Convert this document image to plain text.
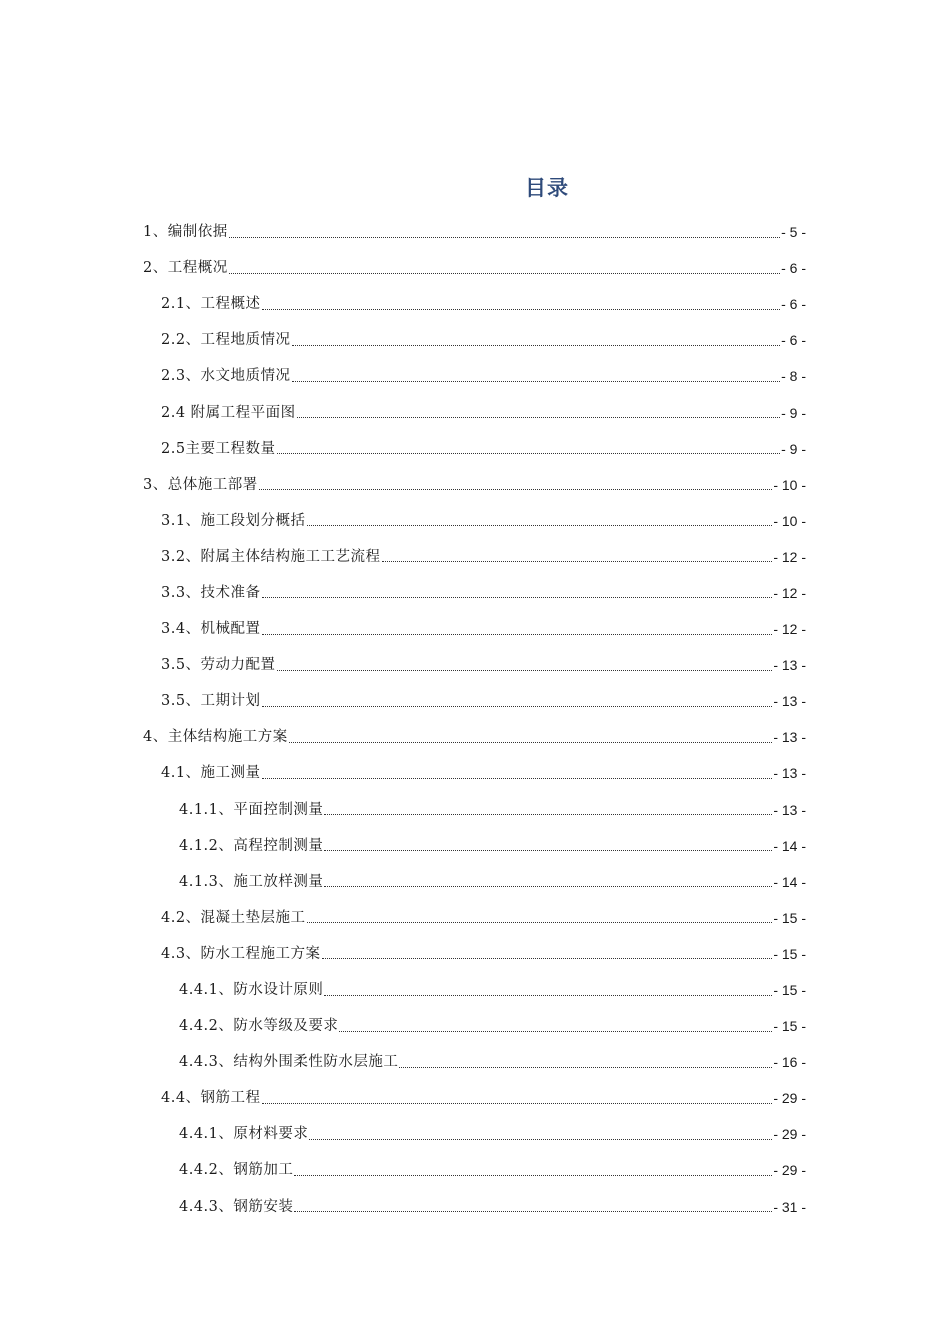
目录
1、编制依据	- 5 -
2、工程概况	- 6 -
2.1、工程概述	- 6 -
2.2、工程地质情况	- 6 -
2.3、水文地质情况	- 8 -
2.4 附属工程平面图	- 9 -
2.5主要工程数量	- 9 -
3、总体施工部署	- 10 -
3.1、施工段划分概括	- 10 -
3.2、附属主体结构施工工艺流程	- 12 -
3.3、技术准备	- 12 -
3.4、机械配置	- 12 -
3.5、劳动力配置	- 13 -
3.5、工期计划	- 13 -
4、主体结构施工方案	- 13 -
4.1、施工测量	- 13 -
4.1.1、平面控制测量	- 13 -
4.1.2、高程控制测量	- 14 -
4.1.3、施工放样测量	- 14 -
4.2、混凝土垫层施工	- 15 -
4.3、防水工程施工方案	- 15 -
4.4.1、防水设计原则	- 15 -
4.4.2、防水等级及要求	- 15 -
4.4.3、结构外围柔性防水层施工	- 16 -
4.4、钢筋工程	- 29 -
4.4.1、原材料要求	- 29 -
4.4.2、钢筋加工	- 29 -
4.4.3、钢筋安装	- 31 -
